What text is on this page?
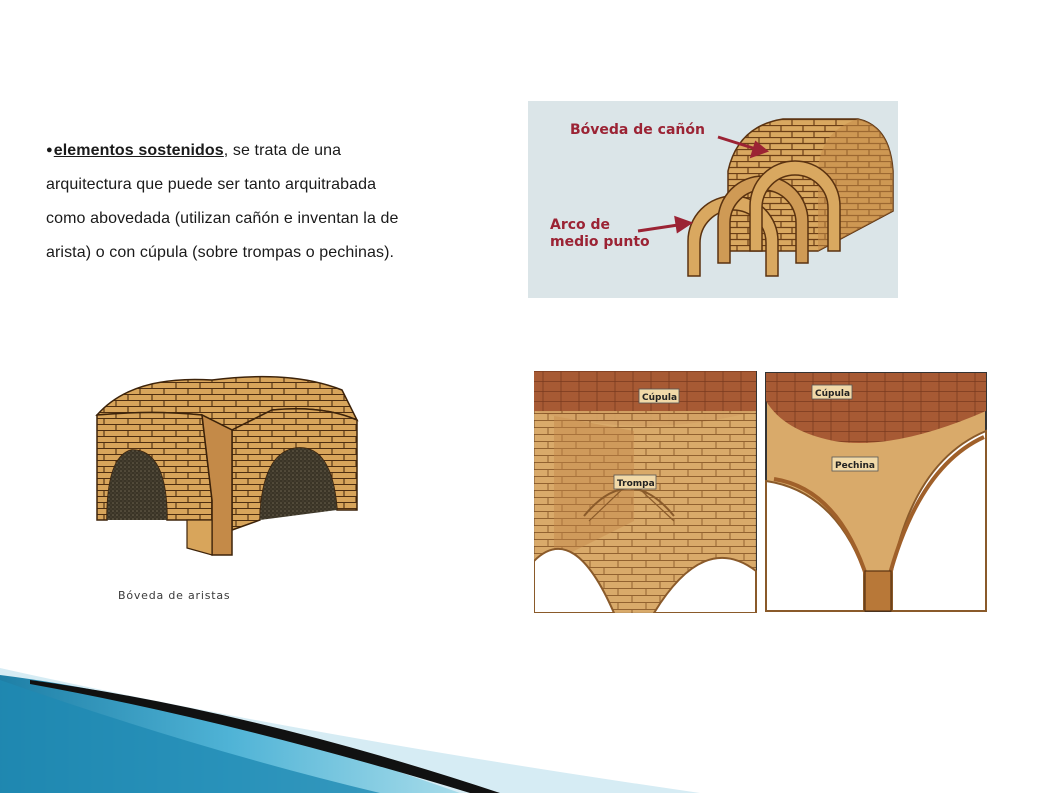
●elementos sostenidos, se trata de una arquitectura que puede ser tanto arquitrabada como abovedada (utilizan cañón e inventan la de arista) o con cúpula (sobre trompas o pechinas).
Bóveda de cañón
Arco de
medio punto
Bóveda de aristas
Cúpula
Trompa
Cúpula
Pechina
